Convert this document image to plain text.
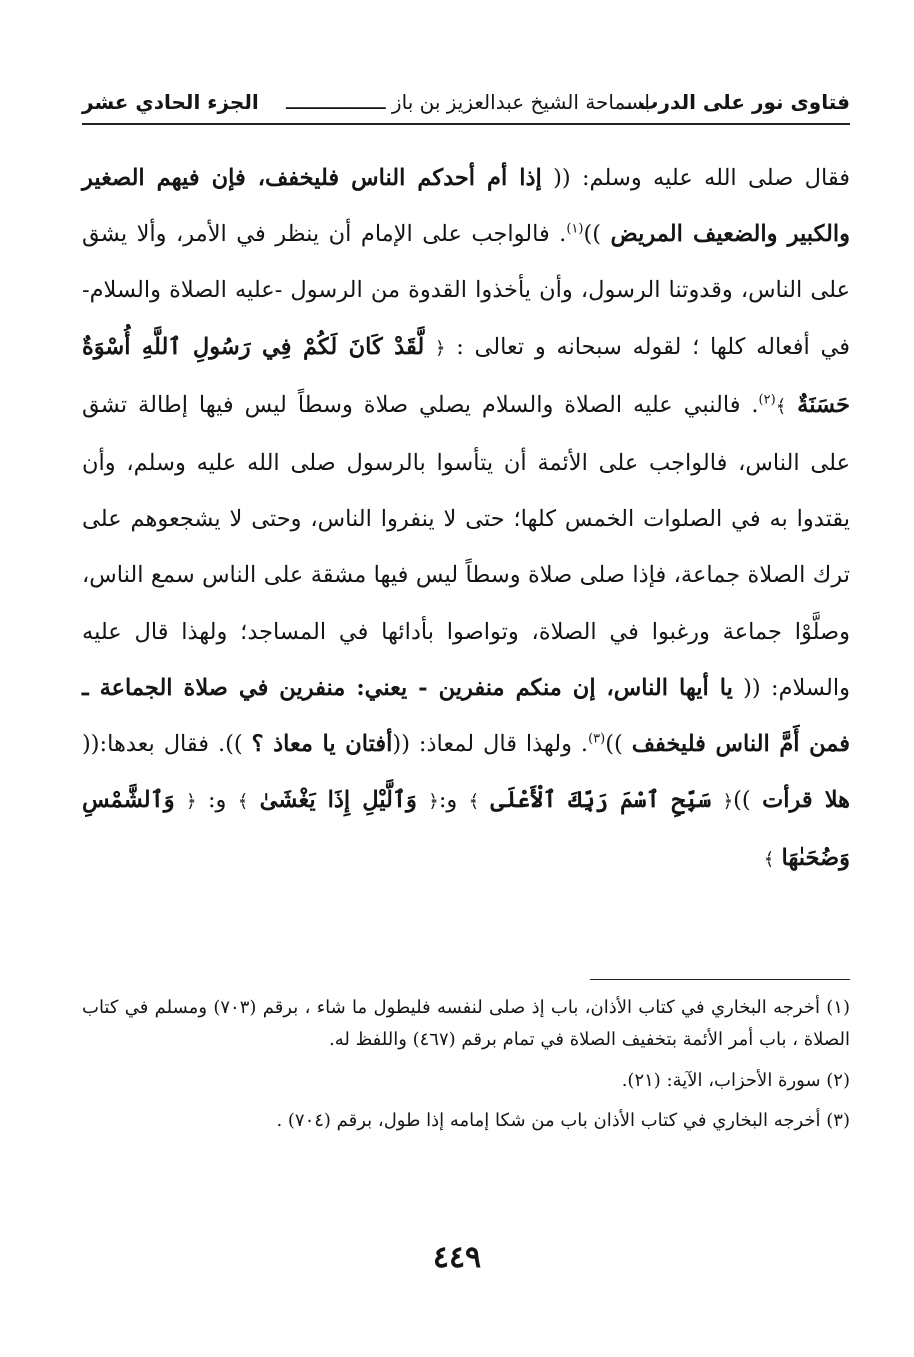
فتاوى نور على الدرب ـ
لسماحة الشيخ عبدالعزيز بن باز ـــــــــــــــــ
الجزء الحادي عشر

فقال صلى الله عليه وسلم: (( إذا أم أحدكم الناس فليخفف، فإن فيهم الصغير والكبير والضعيف المريض ))$^{(١)}$. فالواجب على الإمام أن ينظر في الأمر، وألا يشق على الناس، وقدوتنا الرسول، وأن يأخذوا القدوة من الرسول -عليه الصلاة والسلام- في أفعاله كلها ؛ لقوله سبحانه و تعالى : ﴿ لَّقَدْ كَانَ لَكُمْ فِي رَسُولِ ٱللَّهِ أُسْوَةٌ حَسَنَةٌ ﴾$^{(٢)}$. فالنبي عليه الصلاة والسلام يصلي صلاة وسطاً ليس فيها إطالة تشق على الناس، فالواجب على الأئمة أن يتأسوا بالرسول صلى الله عليه وسلم، وأن يقتدوا به في الصلوات الخمس كلها؛ حتى لا ينفروا الناس، وحتى لا يشجعوهم على ترك الصلاة جماعة، فإذا صلى صلاة وسطاً ليس فيها مشقة على الناس سمع الناس، وصلَّوْا جماعة ورغبوا في الصلاة، وتواصوا بأدائها في المساجد؛ ولهذا قال عليه والسلام: (( يا أيها الناس، إن منكم منفرين - يعني: منفرين في صلاة الجماعة ـ فمن أَمَّ الناس فليخفف ))$^{(٣)}$. ولهذا قال لمعاذ: ((أفتان يا معاذ ؟ )). فقال بعدها:(( هلا قرأت ))﴿ سَبِّحِ ٱسْمَ رَبِّكَ ٱلْأَعْلَى ﴾ و:﴿ وَٱلَّيْلِ إِذَا يَغْشَىٰ ﴾ و: ﴿ وَٱلشَّمْسِ وَضُحَىٰهَا ﴾

(١) أخرجه البخاري في كتاب الأذان، باب إذ صلى لنفسه فليطول ما شاء ، برقم (٧٠٣) ومسلم في كتاب الصلاة ، باب أمر الأئمة بتخفيف الصلاة في تمام برقم (٤٦٧) واللفظ له.

(٢) سورة الأحزاب، الآية: (٢١).

(٣) أخرجه البخاري في كتاب الأذان باب من شكا إمامه إذا طول، برقم (٧٠٤) .

٤٤٩
